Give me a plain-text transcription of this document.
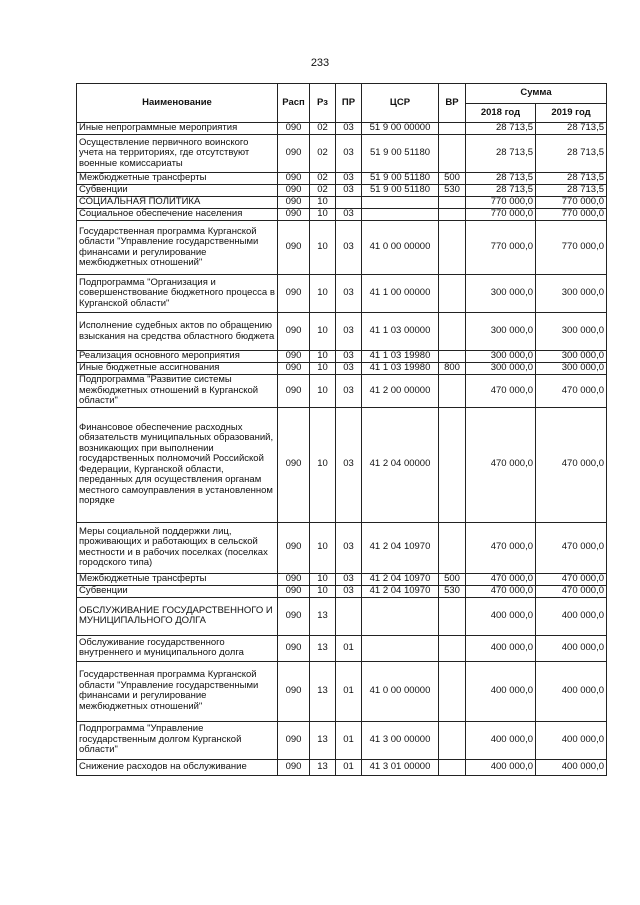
233
Наименование	Расп	Рз	ПР	ЦСР	ВР	Сумма	
						2018 год	2019 год
Иные непрограммные мероприятия	090	02	03	51 9 00 00000		28 713,5	28 713,5
Осуществление первичного воинского учета на территориях, где отсутствуют военные комиссариаты	090	02	03	51 9 00 51180		28 713,5	28 713,5
Межбюджетные трансферты	090	02	03	51 9 00 51180	500	28 713,5	28 713,5
Субвенции	090	02	03	51 9 00 51180	530	28 713,5	28 713,5
СОЦИАЛЬНАЯ ПОЛИТИКА	090	10				770 000,0	770 000,0
Социальное обеспечение населения	090	10	03			770 000,0	770 000,0
Государственная программа Курганской области "Управление государственными финансами и регулирование межбюджетных отношений"	090	10	03	41 0 00 00000		770 000,0	770 000,0
Подпрограмма "Организация и совершенствование бюджетного процесса в Курганской области"	090	10	03	41 1 00 00000		300 000,0	300 000,0
Исполнение судебных актов по обращению взыскания на средства областного бюджета	090	10	03	41 1 03 00000		300 000,0	300 000,0
Реализация основного мероприятия	090	10	03	41 1 03 19980		300 000,0	300 000,0
Иные бюджетные ассигнования	090	10	03	41 1 03 19980	800	300 000,0	300 000,0
Подпрограмма "Развитие системы межбюджетных отношений в Курганской области"	090	10	03	41 2 00 00000		470 000,0	470 000,0
Финансовое обеспечение расходных обязательств муниципальных образований, возникающих при выполнении государственных полномочий Российской Федерации, Курганской области, переданных для осуществления органам местного самоуправления в установленном порядке	090	10	03	41 2 04 00000		470 000,0	470 000,0
Меры социальной поддержки лиц, проживающих и работающих в сельской местности и в рабочих поселках (поселках городского типа)	090	10	03	41 2 04 10970		470 000,0	470 000,0
Межбюджетные трансферты	090	10	03	41 2 04 10970	500	470 000,0	470 000,0
Субвенции	090	10	03	41 2 04 10970	530	470 000,0	470 000,0
ОБСЛУЖИВАНИЕ ГОСУДАРСТВЕННОГО И МУНИЦИПАЛЬНОГО ДОЛГА	090	13				400 000,0	400 000,0
Обслуживание государственного внутреннего и муниципального долга	090	13	01			400 000,0	400 000,0
Государственная программа Курганской области "Управление государственными финансами и регулирование межбюджетных отношений"	090	13	01	41 0 00 00000		400 000,0	400 000,0
Подпрограмма "Управление государственным долгом Курганской области"	090	13	01	41 3 00 00000		400 000,0	400 000,0
Снижение расходов на обслуживание	090	13	01	41 3 01 00000		400 000,0	400 000,0
